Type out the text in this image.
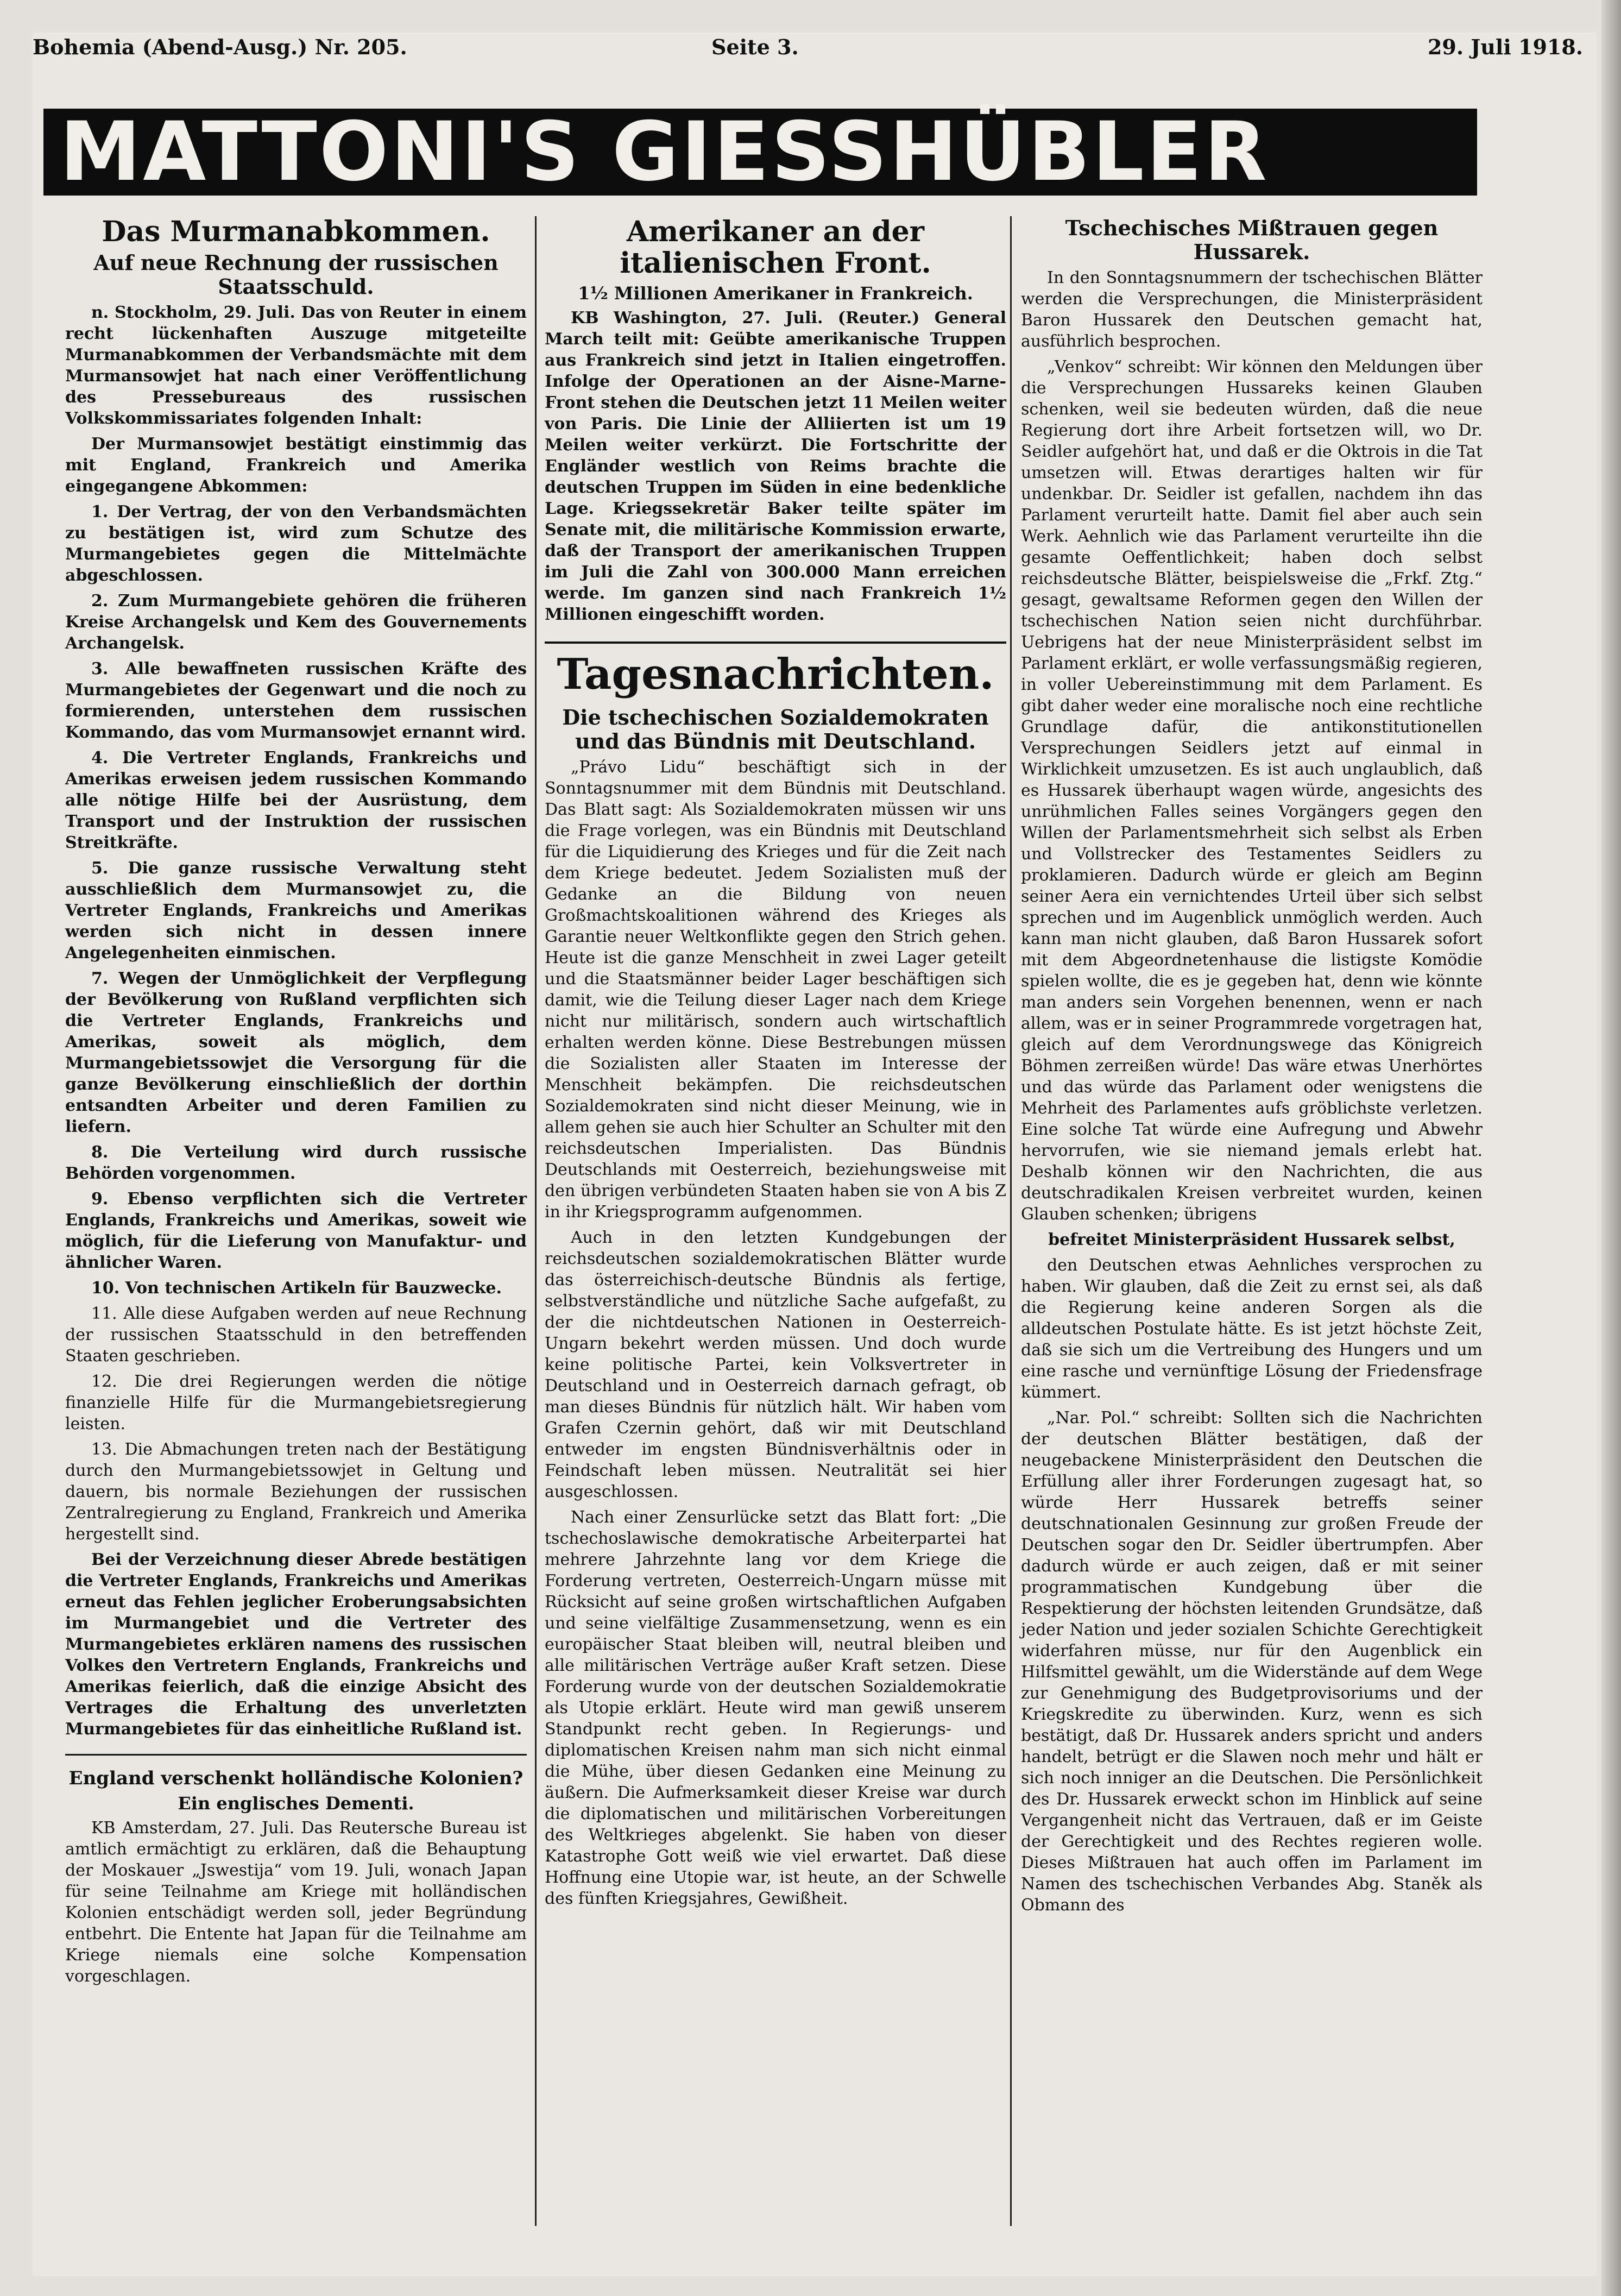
Bohemia (Abend-Ausg.) Nr. 205.	Seite 3.	29. Juli 1918.
MATTONI'S GIESSHÜBLER
Das Murmanabkommen.
Auf neue Rechnung der russischen Staatsschuld.

n. Stockholm, 29. Juli. Das von Reuter in einem recht lückenhaften Auszuge mitgeteilte Murmanabkommen der Verbandsmächte mit dem Murmansowjet hat nach einer Veröffentlichung des Pressebureaus des russischen Volkskommissariates folgenden Inhalt:

Der Murmansowjet bestätigt einstimmig das mit England, Frankreich und Amerika eingegangene Abkommen:

1. Der Vertrag, der von den Verbandsmächten zu bestätigen ist, wird zum Schutze des Murmangebietes gegen die Mittelmächte abgeschlossen.

2. Zum Murmangebiete gehören die früheren Kreise Archangelsk und Kem des Gouvernements Archangelsk.

3. Alle bewaffneten russischen Kräfte des Murmangebietes der Gegenwart und die noch zu formierenden, unterstehen dem russischen Kommando, das vom Murmansowjet ernannt wird.

4. Die Vertreter Englands, Frankreichs und Amerikas erweisen jedem russischen Kommando alle nötige Hilfe bei der Ausrüstung, dem Transport und der Instruktion der russischen Streitkräfte.

5. Die ganze russische Verwaltung steht ausschließlich dem Murmansowjet zu, die Vertreter Englands, Frankreichs und Amerikas werden sich nicht in dessen innere Angelegenheiten einmischen.

7. Wegen der Unmöglichkeit der Verpflegung der Bevölkerung von Rußland verpflichten sich die Vertreter Englands, Frankreichs und Amerikas, soweit als möglich, dem Murmangebietssowjet die Versorgung für die ganze Bevölkerung einschließlich der dorthin entsandten Arbeiter und deren Familien zu liefern.

8. Die Verteilung wird durch russische Behörden vorgenommen.

9. Ebenso verpflichten sich die Vertreter Englands, Frankreichs und Amerikas, soweit wie möglich, für die Lieferung von Manufaktur- und ähnlicher Waren.

10. Von technischen Artikeln für Bauzwecke.

11. Alle diese Aufgaben werden auf neue Rechnung der russischen Staatsschuld in den betreffenden Staaten geschrieben.

12. Die drei Regierungen werden die nötige finanzielle Hilfe für die Murmangebietsregierung leisten.

13. Die Abmachungen treten nach der Bestätigung durch den Murmangebietssowjet in Geltung und dauern, bis normale Beziehungen der russischen Zentralregierung zu England, Frankreich und Amerika hergestellt sind.

Bei der Verzeichnung dieser Abrede bestätigen die Vertreter Englands, Frankreichs und Amerikas erneut das Fehlen jeglicher Eroberungsabsichten im Murmangebiet und die Vertreter des Murmangebietes erklären namens des russischen Volkes den Vertretern Englands, Frankreichs und Amerikas feierlich, daß die einzige Absicht des Vertrages die Erhaltung des unverletzten Murmangebietes für das einheitliche Rußland ist.

England verschenkt holländische Kolonien?
Ein englisches Dementi.

KB Amsterdam, 27. Juli. Das Reutersche Bureau ist amtlich ermächtigt zu erklären, daß die Behauptung der Moskauer „Jswestija“ vom 19. Juli, wonach Japan für seine Teilnahme am Kriege mit holländischen Kolonien entschädigt werden soll, jeder Begründung entbehrt. Die Entente hat Japan für die Teilnahme am Kriege niemals eine solche Kompensation vorgeschlagen.

Amerikaner an der italienischen Front.
1½ Millionen Amerikaner in Frankreich.

KB Washington, 27. Juli. (Reuter.) General March teilt mit: Geübte amerikanische Truppen aus Frankreich sind jetzt in Italien eingetroffen. Infolge der Operationen an der Aisne-Marne-Front stehen die Deutschen jetzt 11 Meilen weiter von Paris. Die Linie der Alliierten ist um 19 Meilen weiter verkürzt. Die Fortschritte der Engländer westlich von Reims brachte die deutschen Truppen im Süden in eine bedenkliche Lage. Kriegssekretär Baker teilte später im Senate mit, die militärische Kommission erwarte, daß der Transport der amerikanischen Truppen im Juli die Zahl von 300.000 Mann erreichen werde. Im ganzen sind nach Frankreich 1½ Millionen eingeschifft worden.

Tagesnachrichten.
Die tschechischen Sozialdemokraten und das Bündnis mit Deutschland.

„Právo Lidu“ beschäftigt sich in der Sonntagsnummer mit dem Bündnis mit Deutschland. Das Blatt sagt: Als Sozialdemokraten müssen wir uns die Frage vorlegen, was ein Bündnis mit Deutschland für die Liquidierung des Krieges und für die Zeit nach dem Kriege bedeutet. Jedem Sozialisten muß der Gedanke an die Bildung von neuen Großmachtskoalitionen während des Krieges als Garantie neuer Weltkonflikte gegen den Strich gehen. Heute ist die ganze Menschheit in zwei Lager geteilt und die Staatsmänner beider Lager beschäftigen sich damit, wie die Teilung dieser Lager nach dem Kriege nicht nur militärisch, sondern auch wirtschaftlich erhalten werden könne. Diese Bestrebungen müssen die Sozialisten aller Staaten im Interesse der Menschheit bekämpfen. Die reichsdeutschen Sozialdemokraten sind nicht dieser Meinung, wie in allem gehen sie auch hier Schulter an Schulter mit den reichsdeutschen Imperialisten. Das Bündnis Deutschlands mit Oesterreich, beziehungsweise mit den übrigen verbündeten Staaten haben sie von A bis Z in ihr Kriegsprogramm aufgenommen.

Auch in den letzten Kundgebungen der reichsdeutschen sozialdemokratischen Blätter wurde das österreichisch-deutsche Bündnis als fertige, selbstverständliche und nützliche Sache aufgefaßt, zu der die nichtdeutschen Nationen in Oesterreich-Ungarn bekehrt werden müssen. Und doch wurde keine politische Partei, kein Volksvertreter in Deutschland und in Oesterreich darnach gefragt, ob man dieses Bündnis für nützlich hält. Wir haben vom Grafen Czernin gehört, daß wir mit Deutschland entweder im engsten Bündnisverhältnis oder in Feindschaft leben müssen. Neutralität sei hier ausgeschlossen.

Nach einer Zensurlücke setzt das Blatt fort: „Die tschechoslawische demokratische Arbeiterpartei hat mehrere Jahrzehnte lang vor dem Kriege die Forderung vertreten, Oesterreich-Ungarn müsse mit Rücksicht auf seine großen wirtschaftlichen Aufgaben und seine vielfältige Zusammensetzung, wenn es ein europäischer Staat bleiben will, neutral bleiben und alle militärischen Verträge außer Kraft setzen. Diese Forderung wurde von der deutschen Sozialdemokratie als Utopie erklärt. Heute wird man gewiß unserem Standpunkt recht geben. In Regierungs- und diplomatischen Kreisen nahm man sich nicht einmal die Mühe, über diesen Gedanken eine Meinung zu äußern. Die Aufmerksamkeit dieser Kreise war durch die diplomatischen und militärischen Vorbereitungen des Weltkrieges abgelenkt. Sie haben von dieser Katastrophe Gott weiß wie viel erwartet. Daß diese Hoffnung eine Utopie war, ist heute, an der Schwelle des fünften Kriegsjahres, Gewißheit.

Tschechisches Mißtrauen gegen Hussarek.

In den Sonntagsnummern der tschechischen Blätter werden die Versprechungen, die Ministerpräsident Baron Hussarek den Deutschen gemacht hat, ausführlich besprochen.

„Venkov“ schreibt: Wir können den Meldungen über die Versprechungen Hussareks keinen Glauben schenken, weil sie bedeuten würden, daß die neue Regierung dort ihre Arbeit fortsetzen will, wo Dr. Seidler aufgehört hat, und daß er die Oktrois in die Tat umsetzen will. Etwas derartiges halten wir für undenkbar. Dr. Seidler ist gefallen, nachdem ihn das Parlament verurteilt hatte. Damit fiel aber auch sein Werk. Aehnlich wie das Parlament verurteilte ihn die gesamte Oeffentlichkeit; haben doch selbst reichsdeutsche Blätter, beispielsweise die „Frkf. Ztg.“ gesagt, gewaltsame Reformen gegen den Willen der tschechischen Nation seien nicht durchführbar. Uebrigens hat der neue Ministerpräsident selbst im Parlament erklärt, er wolle verfassungsmäßig regieren, in voller Uebereinstimmung mit dem Parlament. Es gibt daher weder eine moralische noch eine rechtliche Grundlage dafür, die antikonstitutionellen Versprechungen Seidlers jetzt auf einmal in Wirklichkeit umzusetzen. Es ist auch unglaublich, daß es Hussarek überhaupt wagen würde, angesichts des unrühmlichen Falles seines Vorgängers gegen den Willen der Parlamentsmehrheit sich selbst als Erben und Vollstrecker des Testamentes Seidlers zu proklamieren. Dadurch würde er gleich am Beginn seiner Aera ein vernichtendes Urteil über sich selbst sprechen und im Augenblick unmöglich werden. Auch kann man nicht glauben, daß Baron Hussarek sofort mit dem Abgeordnetenhause die listigste Komödie spielen wollte, die es je gegeben hat, denn wie könnte man anders sein Vorgehen benennen, wenn er nach allem, was er in seiner Programmrede vorgetragen hat, gleich auf dem Verordnungswege das Königreich Böhmen zerreißen würde! Das wäre etwas Unerhörtes und das würde das Parlament oder wenigstens die Mehrheit des Parlamentes aufs gröblichste verletzen. Eine solche Tat würde eine Aufregung und Abwehr hervorrufen, wie sie niemand jemals erlebt hat. Deshalb können wir den Nachrichten, die aus deutschradikalen Kreisen verbreitet wurden, keinen Glauben schenken; übrigens

befreitet Ministerpräsident Hussarek selbst,

den Deutschen etwas Aehnliches versprochen zu haben. Wir glauben, daß die Zeit zu ernst sei, als daß die Regierung keine anderen Sorgen als die alldeutschen Postulate hätte. Es ist jetzt höchste Zeit, daß sie sich um die Vertreibung des Hungers und um eine rasche und vernünftige Lösung der Friedensfrage kümmert.

„Nar. Pol.“ schreibt: Sollten sich die Nachrichten der deutschen Blätter bestätigen, daß der neugebackene Ministerpräsident den Deutschen die Erfüllung aller ihrer Forderungen zugesagt hat, so würde Herr Hussarek betreffs seiner deutschnationalen Gesinnung zur großen Freude der Deutschen sogar den Dr. Seidler übertrumpfen. Aber dadurch würde er auch zeigen, daß er mit seiner programmatischen Kundgebung über die Respektierung der höchsten leitenden Grundsätze, daß jeder Nation und jeder sozialen Schichte Gerechtigkeit widerfahren müsse, nur für den Augenblick ein Hilfsmittel gewählt, um die Widerstände auf dem Wege zur Genehmigung des Budgetprovisoriums und der Kriegskredite zu überwinden. Kurz, wenn es sich bestätigt, daß Dr. Hussarek anders spricht und anders handelt, betrügt er die Slawen noch mehr und hält er sich noch inniger an die Deutschen. Die Persönlichkeit des Dr. Hussarek erweckt schon im Hinblick auf seine Vergangenheit nicht das Vertrauen, daß er im Geiste der Gerechtigkeit und des Rechtes regieren wolle. Dieses Mißtrauen hat auch offen im Parlament im Namen des tschechischen Verbandes Abg. Staněk als Obmann des
